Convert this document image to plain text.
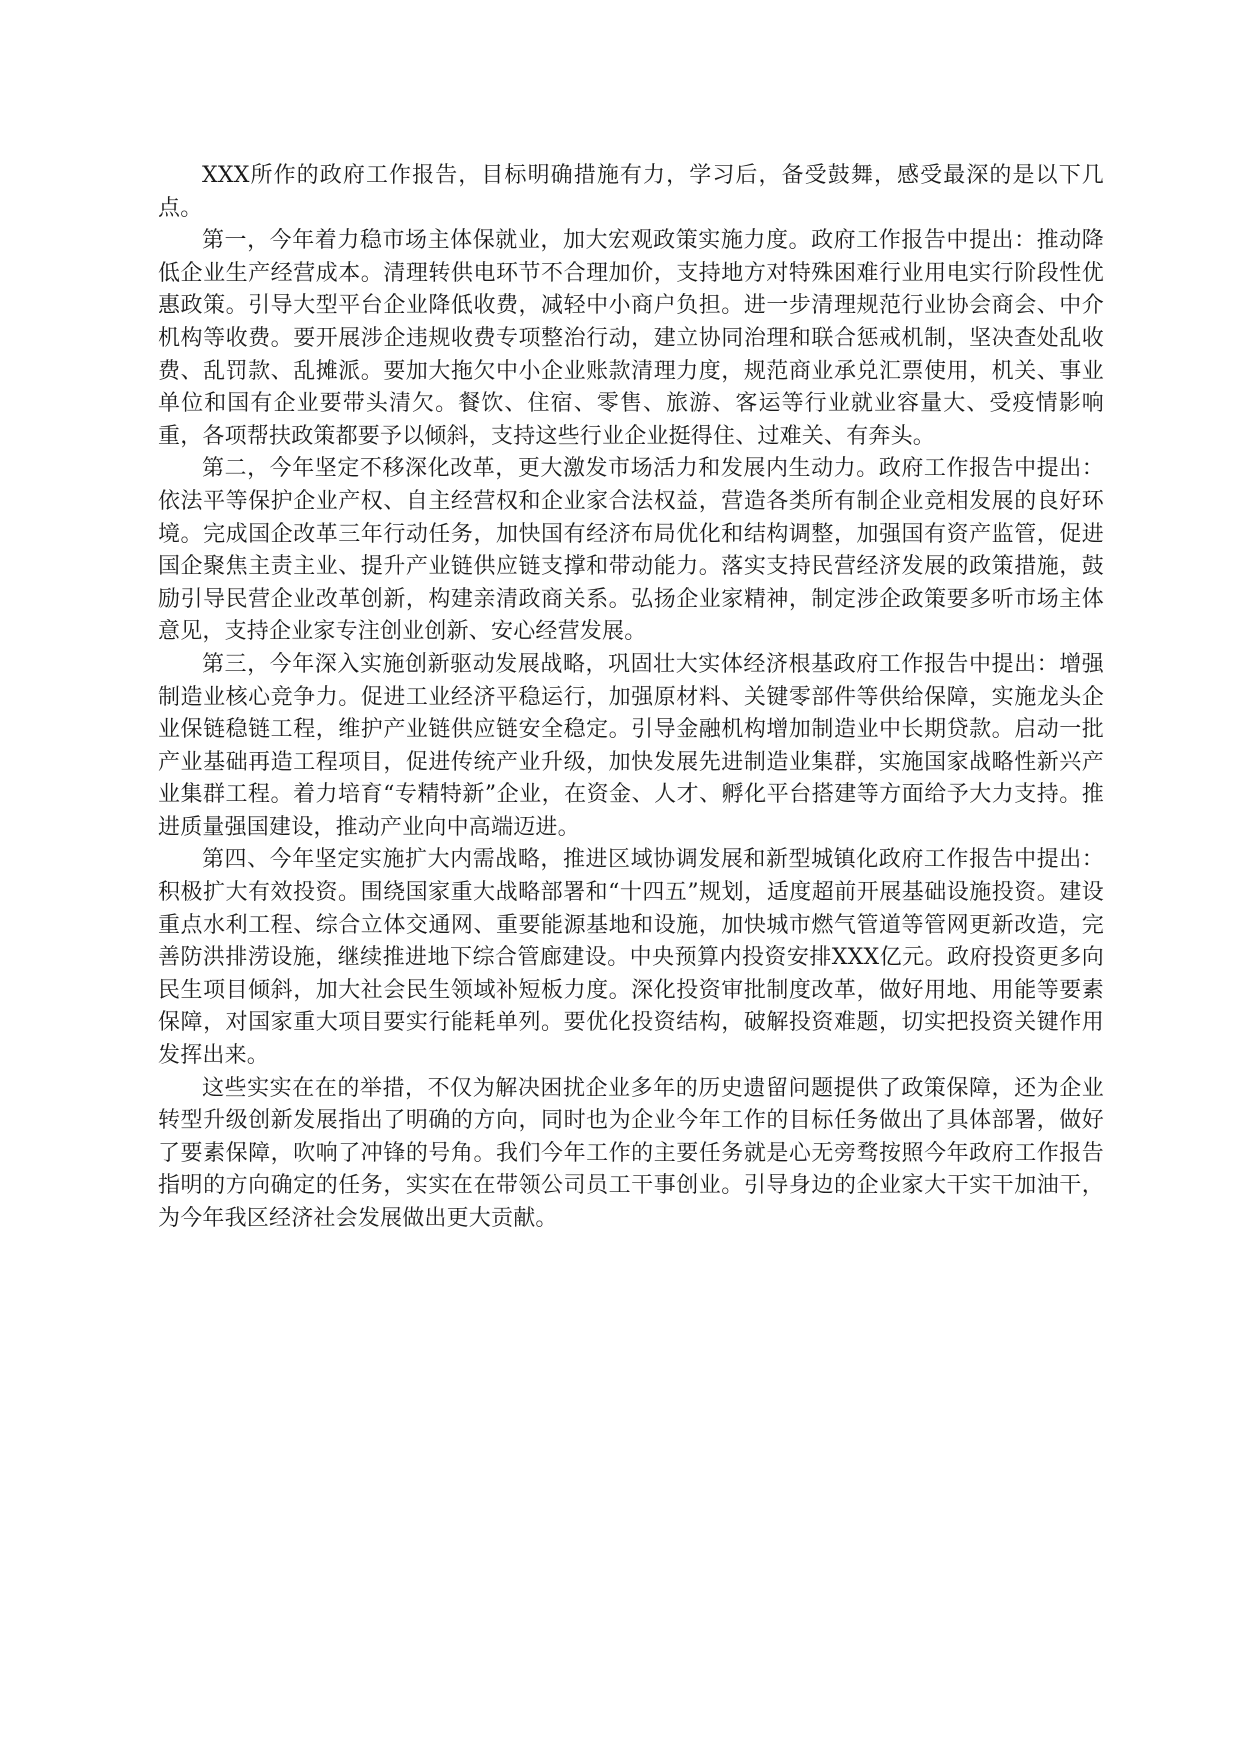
XXX所作的政府工作报告，目标明确措施有力，学习后，备受鼓舞，感受最深的是以下几点。

第一，今年着力稳市场主体保就业，加大宏观政策实施力度。政府工作报告中提出：推动降低企业生产经营成本。清理转供电环节不合理加价，支持地方对特殊困难行业用电实行阶段性优惠政策。引导大型平台企业降低收费，减轻中小商户负担。进一步清理规范行业协会商会、中介机构等收费。要开展涉企违规收费专项整治行动，建立协同治理和联合惩戒机制，坚决查处乱收费、乱罚款、乱摊派。要加大拖欠中小企业账款清理力度，规范商业承兑汇票使用，机关、事业单位和国有企业要带头清欠。餐饮、住宿、零售、旅游、客运等行业就业容量大、受疫情影响重，各项帮扶政策都要予以倾斜，支持这些行业企业挺得住、过难关、有奔头。

第二，今年坚定不移深化改革，更大激发市场活力和发展内生动力。政府工作报告中提出：依法平等保护企业产权、自主经营权和企业家合法权益，营造各类所有制企业竞相发展的良好环境。完成国企改革三年行动任务，加快国有经济布局优化和结构调整，加强国有资产监管，促进国企聚焦主责主业、提升产业链供应链支撑和带动能力。落实支持民营经济发展的政策措施，鼓励引导民营企业改革创新，构建亲清政商关系。弘扬企业家精神，制定涉企政策要多听市场主体意见，支持企业家专注创业创新、安心经营发展。

第三，今年深入实施创新驱动发展战略，巩固壮大实体经济根基政府工作报告中提出：增强制造业核心竞争力。促进工业经济平稳运行，加强原材料、关键零部件等供给保障，实施龙头企业保链稳链工程，维护产业链供应链安全稳定。引导金融机构增加制造业中长期贷款。启动一批产业基础再造工程项目，促进传统产业升级，加快发展先进制造业集群，实施国家战略性新兴产业集群工程。着力培育“专精特新”企业，在资金、人才、孵化平台搭建等方面给予大力支持。推进质量强国建设，推动产业向中高端迈进。

第四、今年坚定实施扩大内需战略，推进区域协调发展和新型城镇化政府工作报告中提出：积极扩大有效投资。围绕国家重大战略部署和“十四五”规划，适度超前开展基础设施投资。建设重点水利工程、综合立体交通网、重要能源基地和设施，加快城市燃气管道等管网更新改造，完善防洪排涝设施，继续推进地下综合管廊建设。中央预算内投资安排XXX亿元。政府投资更多向民生项目倾斜，加大社会民生领域补短板力度。深化投资审批制度改革，做好用地、用能等要素保障，对国家重大项目要实行能耗单列。要优化投资结构，破解投资难题，切实把投资关键作用发挥出来。

这些实实在在的举措，不仅为解决困扰企业多年的历史遗留问题提供了政策保障，还为企业转型升级创新发展指出了明确的方向，同时也为企业今年工作的目标任务做出了具体部署，做好了要素保障，吹响了冲锋的号角。我们今年工作的主要任务就是心无旁骛按照今年政府工作报告指明的方向确定的任务，实实在在带领公司员工干事创业。引导身边的企业家大干实干加油干，为今年我区经济社会发展做出更大贡献。
